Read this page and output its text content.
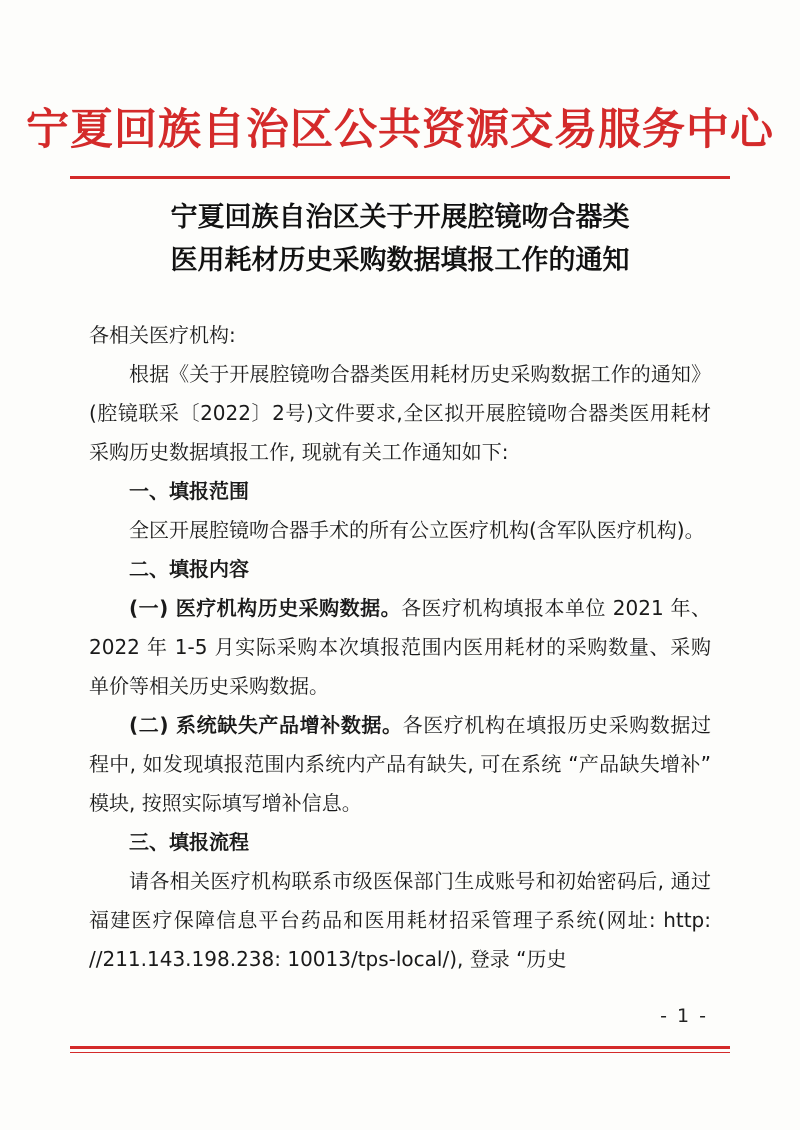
宁夏回族自治区公共资源交易服务中心
宁夏回族自治区关于开展腔镜吻合器类
医用耗材历史采购数据填报工作的通知

各相关医疗机构:

根据《关于开展腔镜吻合器类医用耗材历史采购数据工作的通知》(腔镜联采〔2022〕2号)文件要求,全区拟开展腔镜吻合器类医用耗材采购历史数据填报工作, 现就有关工作通知如下:

一、填报范围

全区开展腔镜吻合器手术的所有公立医疗机构(含军队医疗机构)。

二、填报内容

(一) 医疗机构历史采购数据。各医疗机构填报本单位 2021 年、2022 年 1-5 月实际采购本次填报范围内医用耗材的采购数量、采购单价等相关历史采购数据。

(二) 系统缺失产品增补数据。各医疗机构在填报历史采购数据过程中, 如发现填报范围内系统内产品有缺失, 可在系统 “产品缺失增补” 模块, 按照实际填写增补信息。

三、填报流程

请各相关医疗机构联系市级医保部门生成账号和初始密码后, 通过福建医疗保障信息平台药品和医用耗材招采管理子系统(网址: http: //211.143.198.238: 10013/tps-local/), 登录 “历史

- 1 -
